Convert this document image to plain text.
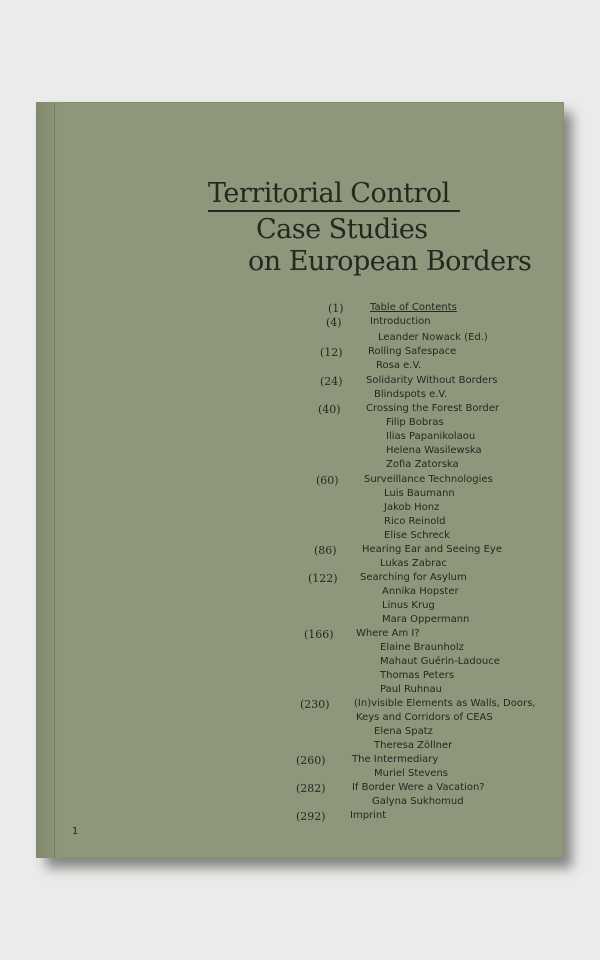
Territorial Control
Case Studies
on European Borders
(1)	Table of Contents
(4)	Introduction
Leander Nowack (Ed.)
(12)	Rolling Safespace
Rosa e.V.
(24) Solidarity Without Borders
Blindspots e.V.
(40)	Crossing the Forest Border
Filip Bobras
Ilias Papanikolaou
Helena Wasilewska
Zofia Zatorska
(60)	Surveillance Technologies
Luis Baumann
Jakob Honz
Rico Reinold
Elise Schreck
(86)	Hearing Ear and Seeing Eye
Lukas Zabrac
(122) Searching for Asylum
Annika Hopster
Linus Krug
Mara Oppermann
(166) Where Am I?
Elaine Braunholz
Mahaut Guérin-Ladouce
Thomas Peters
Paul Ruhnau
(230) (In)visible Elements as Walls, Doors,
Keys and Corridors of CEAS
Elena Spatz
Theresa Zöllner
(260)	The Intermediary
Muriel Stevens
(282)	If Border Were a Vacation?
Galyna Sukhomud
(292) Imprint
1
